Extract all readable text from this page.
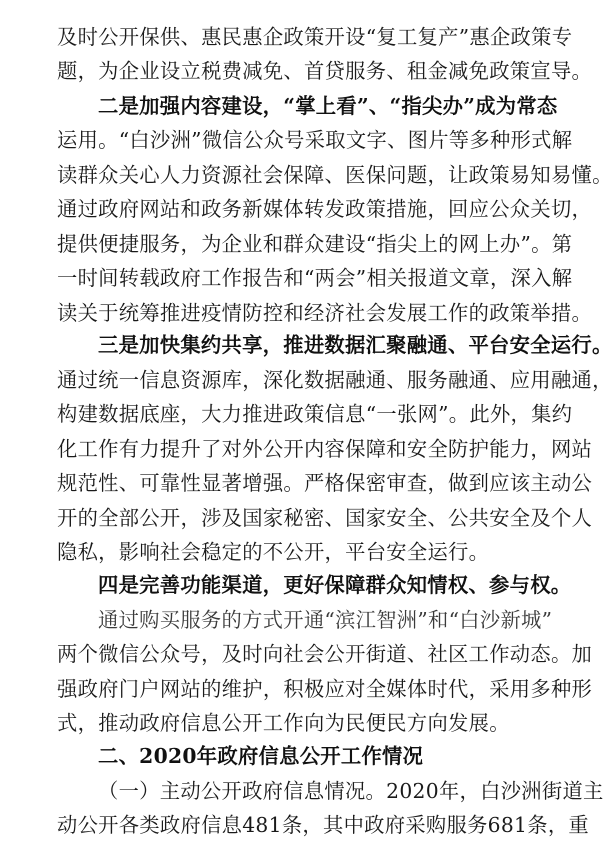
及时公开保供、惠民惠企政策开设“复工复产”惠企政策专
题，为企业设立税费减免、首贷服务、租金减免政策宣导。
二是加强内容建设，“掌上看”、“指尖办”成为常态
运用。“白沙洲”微信公众号采取文字、图片等多种形式解
读群众关心人力资源社会保障、医保问题，让政策易知易懂。
通过政府网站和政务新媒体转发政策措施，回应公众关切，
提供便捷服务，为企业和群众建设“指尖上的网上办”。第
一时间转载政府工作报告和“两会”相关报道文章，深入解
读关于统筹推进疫情防控和经济社会发展工作的政策举措。
三是加快集约共享，推进数据汇聚融通、平台安全运行。
通过统一信息资源库，深化数据融通、服务融通、应用融通，
构建数据底座，大力推进政策信息“一张网”。此外，集约
化工作有力提升了对外公开内容保障和安全防护能力，网站
规范性、可靠性显著增强。严格保密审查，做到应该主动公
开的全部公开，涉及国家秘密、国家安全、公共安全及个人
隐私，影响社会稳定的不公开，平台安全运行。
四是完善功能渠道，更好保障群众知情权、参与权。
通过购买服务的方式开通“滨江智洲”和“白沙新城”
两个微信公众号，及时向社会公开街道、社区工作动态。加
强政府门户网站的维护，积极应对全媒体时代，采用多种形
式，推动政府信息公开工作向为民便民方向发展。
二、2020年政府信息公开工作情况
（一）主动公开政府信息情况。2020年，白沙洲街道主
动公开各类政府信息481条，其中政府采购服务681条，重
